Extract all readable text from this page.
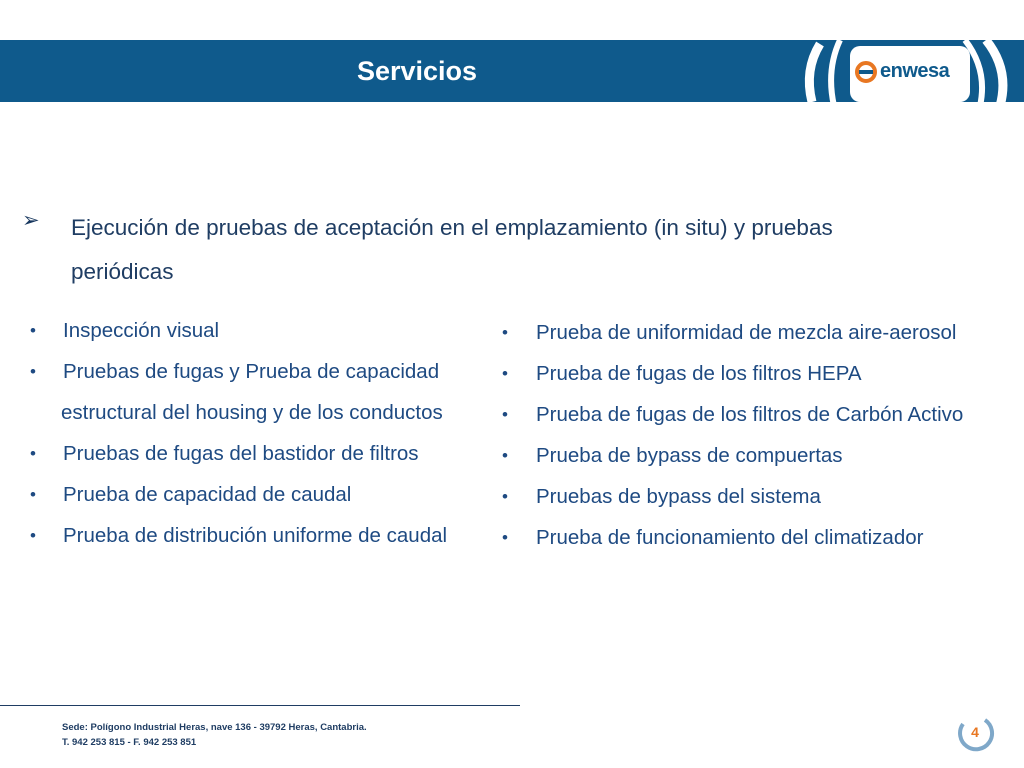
Servicios	enwesa
➢ Ejecución de pruebas de aceptación en el emplazamiento (in situ) y pruebas periódicas
•	Inspección visual
•	Pruebas de fugas y Prueba de capacidad
estructural del housing y de los conductos
•	Pruebas de fugas del bastidor de filtros
•	Prueba de capacidad de caudal
•	Prueba de distribución uniforme de caudal
•	Prueba de uniformidad de mezcla aire-aerosol
•	Prueba de fugas de los filtros HEPA
•	Prueba de fugas de los filtros de Carbón Activo
•	Prueba de bypass de compuertas
•	Pruebas de bypass del sistema
•	Prueba de funcionamiento del climatizador
Sede: Polígono Industrial Heras, nave 136 - 39792 Heras, Cantabria.
T. 942 253 815 - F. 942 253 851
4
